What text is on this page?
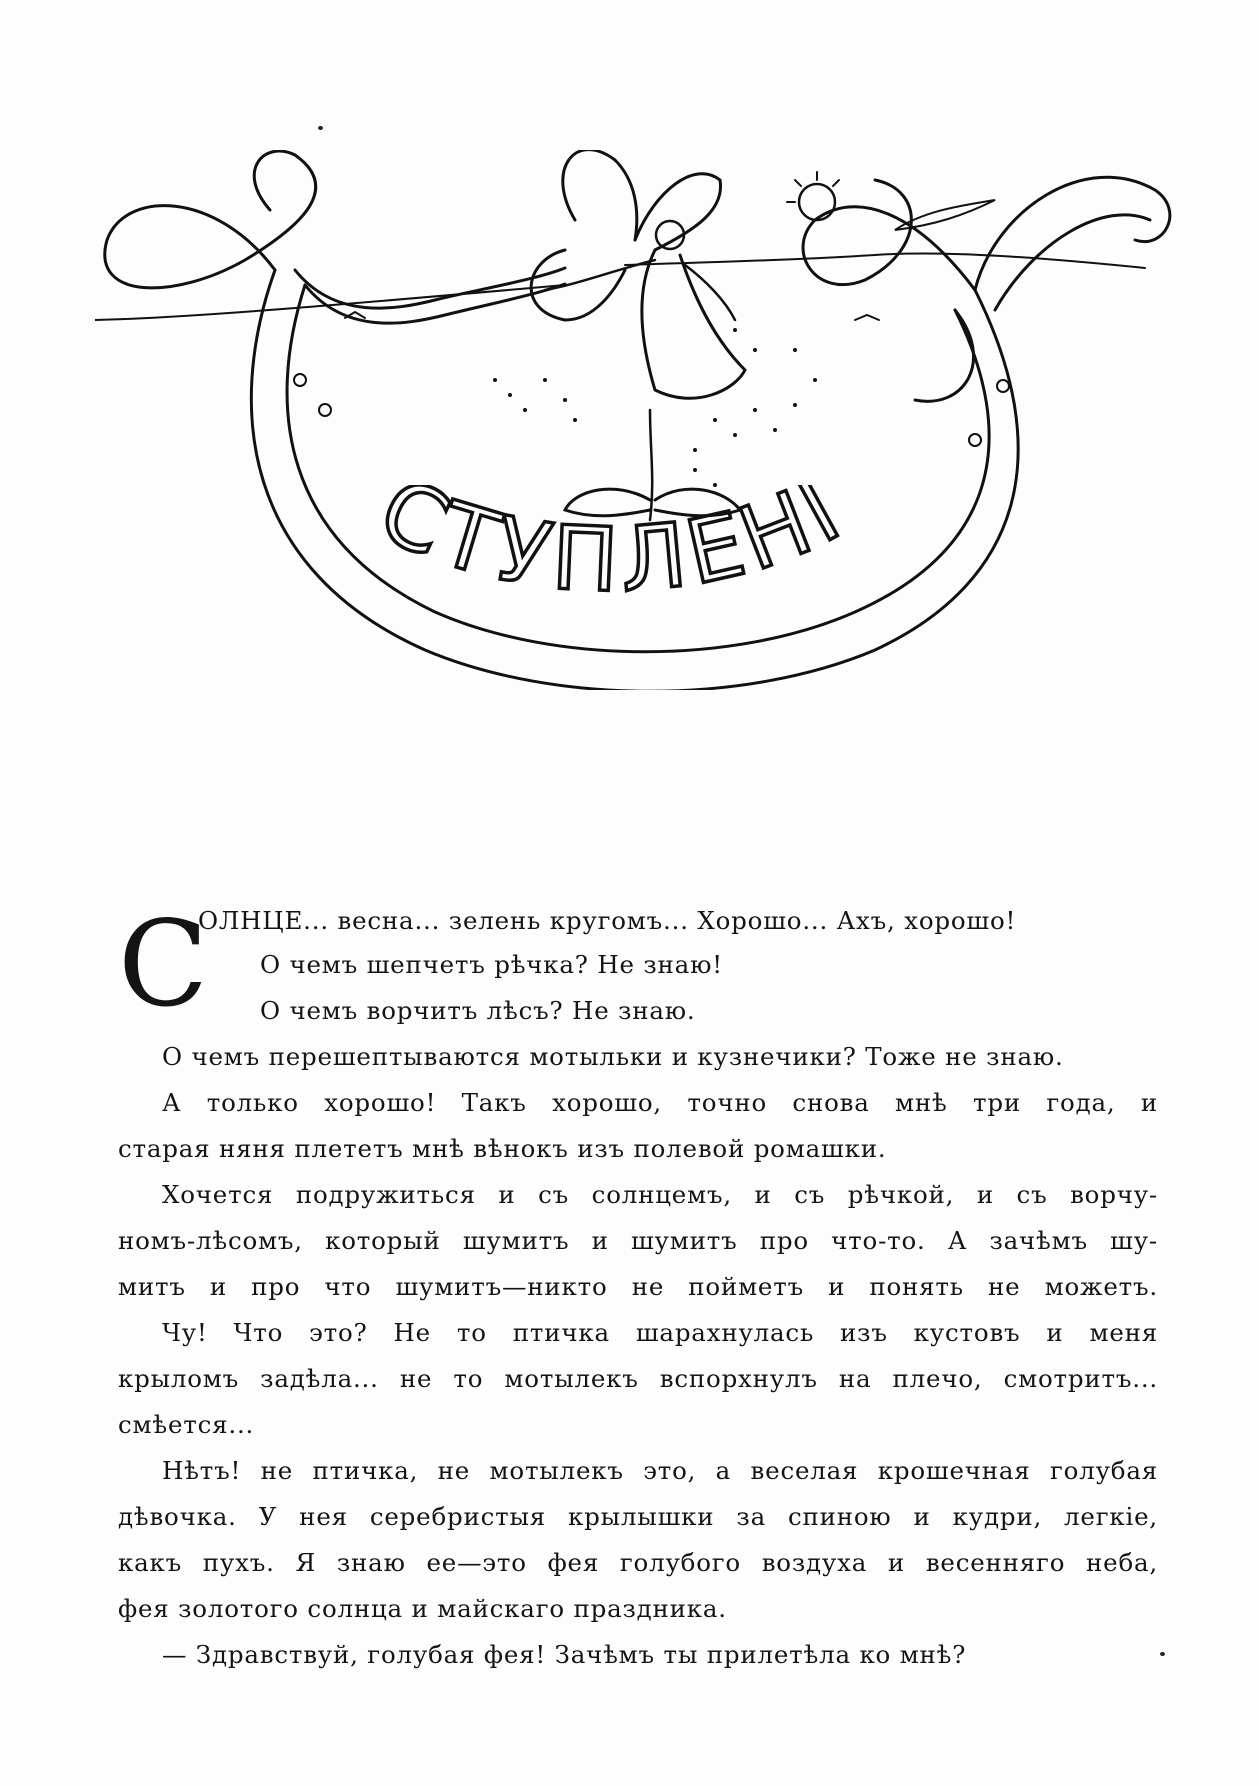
СТУПЛЕНІ
С
ОЛНЦЕ... весна... зелень кругомъ... Хорошо... Ахъ, хорошо!
О чемъ шепчетъ рѣчка? Не знаю!
О чемъ ворчитъ лѣсъ? Не знаю.
О чемъ перешептываются мотыльки и кузнечики? Тоже не знаю.
А только хорошо! Такъ хорошо, точно снова мнѣ три года, и
старая няня плететъ мнѣ вѣнокъ изъ полевой ромашки.
Хочется подружиться и съ солнцемъ, и съ рѣчкой, и съ ворчу-
номъ-лѣсомъ, который шумитъ и шумитъ про что-то. А зачѣмъ шу-
митъ и про что шумитъ—никто не пойметъ и понять не можетъ.
Чу! Что это? Не то птичка шарахнулась изъ кустовъ и меня
крыломъ задѣла... не то мотылекъ вспорхнулъ на плечо, смотритъ...
смѣется...
Нѣтъ! не птичка, не мотылекъ это, а веселая крошечная голубая
дѣвочка. У нея серебристыя крылышки за спиною и кудри, легкіе,
какъ пухъ. Я знаю ее—это фея голубого воздуха и весенняго неба,
фея золотого солнца и майскаго праздника.
— Здравствуй, голубая фея! Зачѣмъ ты прилетѣла ко мнѣ?
